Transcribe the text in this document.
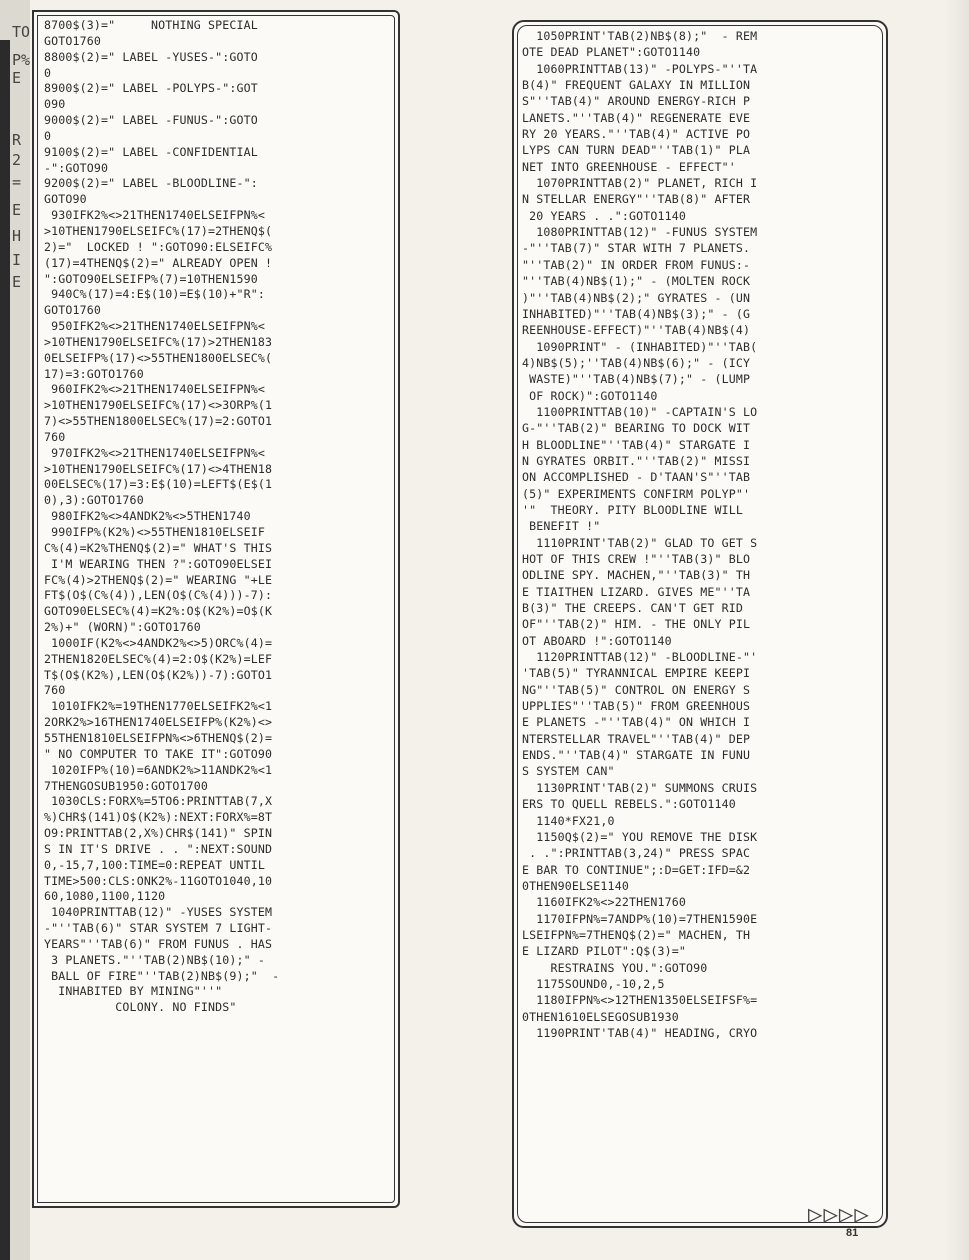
TO
P%
E
R
2
=
E
H
I
E
8700$(3)="     NOTHING SPECIAL
GOTO1760
8800$(2)=" LABEL -YUSES-":GOTO
0
8900$(2)=" LABEL -POLYPS-":GOT
090
9000$(2)=" LABEL -FUNUS-":GOTO
0
9100$(2)=" LABEL -CONFIDENTIAL
-":GOTO90
9200$(2)=" LABEL -BLOODLINE-":
GOTO90
930IFK2%<>21THEN1740ELSEIFPN%<
>10THEN1790ELSEIFC%(17)=2THENQ$(
2)="  LOCKED ! ":GOTO90:ELSEIFC%
(17)=4THENQ$(2)=" ALREADY OPEN !
":GOTO90ELSEIFP%(7)=10THEN1590
940C%(17)=4:E$(10)=E$(10)+"R":
GOTO1760
950IFK2%<>21THEN1740ELSEIFPN%<
>10THEN1790ELSEIFC%(17)>2THEN183
0ELSEIFP%(17)<>55THEN1800ELSEC%(
17)=3:GOTO1760
960IFK2%<>21THEN1740ELSEIFPN%<
>10THEN1790ELSEIFC%(17)<>3ORP%(1
7)<>55THEN1800ELSEC%(17)=2:GOTO1
760
970IFK2%<>21THEN1740ELSEIFPN%<
>10THEN1790ELSEIFC%(17)<>4THEN18
00ELSEC%(17)=3:E$(10)=LEFT$(E$(1
0),3):GOTO1760
980IFK2%<>4ANDK2%<>5THEN1740
990IFP%(K2%)<>55THEN1810ELSEIF
C%(4)=K2%THENQ$(2)=" WHAT'S THIS
I'M WEARING THEN ?":GOTO90ELSEI
FC%(4)>2THENQ$(2)=" WEARING "+LE
FT$(O$(C%(4)),LEN(O$(C%(4)))-7):
GOTO90ELSEC%(4)=K2%:O$(K2%)=O$(K
2%)+" (WORN)":GOTO1760
1000IF(K2%<>4ANDK2%<>5)ORC%(4)=
2THEN1820ELSEC%(4)=2:O$(K2%)=LEF
T$(O$(K2%),LEN(O$(K2%))-7):GOTO1
760
1010IFK2%=19THEN1770ELSEIFK2%<1
2ORK2%>16THEN1740ELSEIFP%(K2%)<>
55THEN1810ELSEIFPN%<>6THENQ$(2)=
" NO COMPUTER TO TAKE IT":GOTO90
1020IFP%(10)=6ANDK2%>11ANDK2%<1
7THENGOSUB1950:GOTO1700
1030CLS:FORX%=5TO6:PRINTTAB(7,X
%)CHR$(141)O$(K2%):NEXT:FORX%=8T
O9:PRINTTAB(2,X%)CHR$(141)" SPIN
S IN IT'S DRIVE . . ":NEXT:SOUND
0,-15,7,100:TIME=0:REPEAT UNTIL
TIME>500:CLS:ONK2%-11GOTO1040,10
60,1080,1100,1120
1040PRINTTAB(12)" -YUSES SYSTEM
-"''TAB(6)" STAR SYSTEM 7 LIGHT-
YEARS"''TAB(6)" FROM FUNUS . HAS
3 PLANETS."''TAB(2)NB$(10);" -
BALL OF FIRE"''TAB(2)NB$(9);"  -
INHABITED BY MINING"''"
COLONY. NO FINDS"

1050PRINT'TAB(2)NB$(8);"  - REM
OTE DEAD PLANET":GOTO1140
1060PRINTTAB(13)" -POLYPS-"''TA
B(4)" FREQUENT GALAXY IN MILLION
S"''TAB(4)" AROUND ENERGY-RICH P
LANETS."''TAB(4)" REGENERATE EVE
RY 20 YEARS."''TAB(4)" ACTIVE PO
LYPS CAN TURN DEAD"''TAB(1)" PLA
NET INTO GREENHOUSE - EFFECT"'
1070PRINTTAB(2)" PLANET, RICH I
N STELLAR ENERGY"''TAB(8)" AFTER
20 YEARS . .":GOTO1140
1080PRINTTAB(12)" -FUNUS SYSTEM
-"''TAB(7)" STAR WITH 7 PLANETS.
"''TAB(2)" IN ORDER FROM FUNUS:-
"''TAB(4)NB$(1);" - (MOLTEN ROCK
)"''TAB(4)NB$(2);" GYRATES - (UN
INHABITED)"''TAB(4)NB$(3);" - (G
REENHOUSE-EFFECT)"''TAB(4)NB$(4)
1090PRINT" - (INHABITED)"''TAB(
4)NB$(5);''TAB(4)NB$(6);" - (ICY
WASTE)"''TAB(4)NB$(7);" - (LUMP
OF ROCK)":GOTO1140
1100PRINTTAB(10)" -CAPTAIN'S LO
G-"''TAB(2)" BEARING TO DOCK WIT
H BLOODLINE"''TAB(4)" STARGATE I
N GYRATES ORBIT."''TAB(2)" MISSI
ON ACCOMPLISHED - D'TAAN'S"''TAB
(5)" EXPERIMENTS CONFIRM POLYP"'
'"  THEORY. PITY BLOODLINE WILL
BENEFIT !"
1110PRINT'TAB(2)" GLAD TO GET S
HOT OF THIS CREW !"''TAB(3)" BLO
ODLINE SPY. MACHEN,"''TAB(3)" TH
E TIAITHEN LIZARD. GIVES ME"''TA
B(3)" THE CREEPS. CAN'T GET RID
OF"''TAB(2)" HIM. - THE ONLY PIL
OT ABOARD !":GOTO1140
1120PRINTTAB(12)" -BLOODLINE-"'
'TAB(5)" TYRANNICAL EMPIRE KEEPI
NG"''TAB(5)" CONTROL ON ENERGY S
UPPLIES"''TAB(5)" FROM GREENHOUS
E PLANETS -"''TAB(4)" ON WHICH I
NTERSTELLAR TRAVEL"''TAB(4)" DEP
ENDS."''TAB(4)" STARGATE IN FUNU
S SYSTEM CAN"
1130PRINT'TAB(2)" SUMMONS CRUIS
ERS TO QUELL REBELS.":GOTO1140
1140*FX21,0
1150Q$(2)=" YOU REMOVE THE DISK
. .":PRINTTAB(3,24)" PRESS SPAC
E BAR TO CONTINUE";:D=GET:IFD=&2
0THEN90ELSE1140
1160IFK2%<>22THEN1760
1170IFPN%=7ANDP%(10)=7THEN1590E
LSEIFPN%=7THENQ$(2)=" MACHEN, TH
E LIZARD PILOT":Q$(3)="
RESTRAINS YOU.":GOTO90
1175SOUND0,-10,2,5
1180IFPN%<>12THEN1350ELSEIFSF%=
0THEN1610ELSEGOSUB1930
1190PRINT'TAB(4)" HEADING, CRYO

▷▷▷▷
81
